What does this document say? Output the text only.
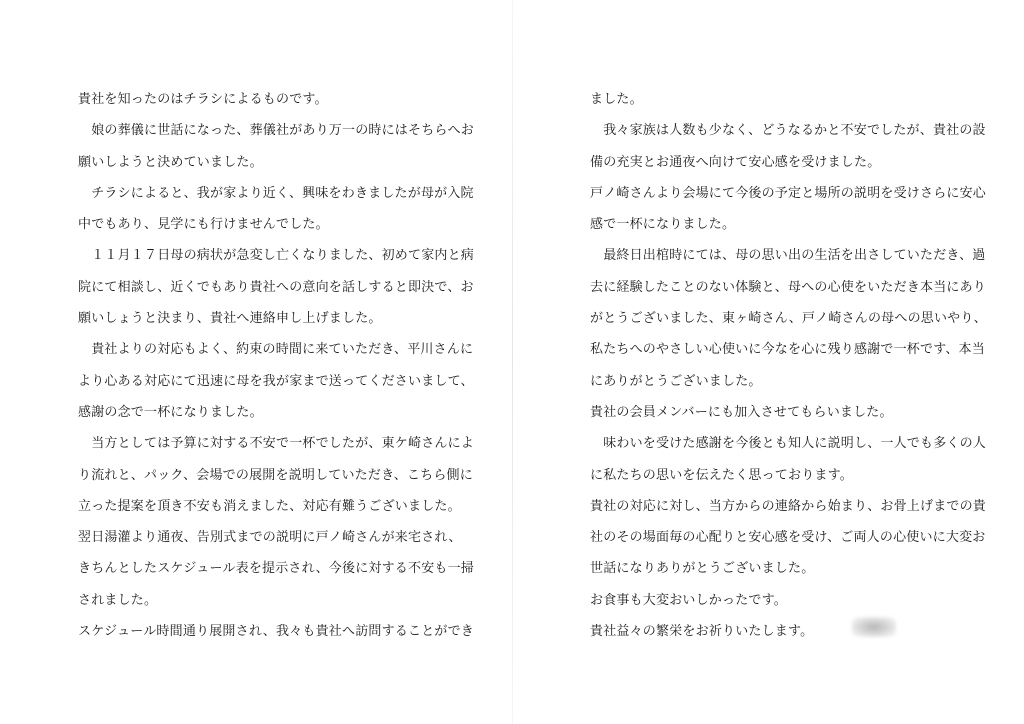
貴社を知ったのはチラシによるものです。
　娘の葬儀に世話になった、葬儀社があり万一の時にはそちらへお
願いしようと決めていました。
　チラシによると、我が家より近く、興味をわきましたが母が入院
中でもあり、見学にも行けませんでした。
　１１月１７日母の病状が急変し亡くなりました、初めて家内と病
院にて相談し、近くでもあり貴社への意向を話しすると即決で、お
願いしょうと決まり、貴社へ連絡申し上げました。
　貴社よりの対応もよく、約束の時間に来ていただき、平川さんに
より心ある対応にて迅速に母を我が家まで送ってくださいまして、
感謝の念で一杯になりました。
　当方としては予算に対する不安で一杯でしたが、東ケ崎さんによ
り流れと、パック、会場での展開を説明していただき、こちら側に
立った提案を頂き不安も消えました、対応有難うございました。
翌日湯灌より通夜、告別式までの説明に戸ノ崎さんが来宅され、
きちんとしたスケジュール表を提示され、今後に対する不安も一掃
されました。
スケジュール時間通り展開され、我々も貴社へ訪問することができ
ました。
　我々家族は人数も少なく、どうなるかと不安でしたが、貴社の設
備の充実とお通夜へ向けて安心感を受けました。
戸ノ崎さんより会場にて今後の予定と場所の説明を受けさらに安心
感で一杯になりました。
　最終日出棺時にては、母の思い出の生活を出さしていただき、過
去に経験したことのない体験と、母への心使をいただき本当にあり
がとうございました、東ヶ崎さん、戸ノ崎さんの母への思いやり、
私たちへのやさしい心使いに今なを心に残り感謝で一杯です、本当
にありがとうございました。
貴社の会員メンバーにも加入させてもらいました。
　味わいを受けた感謝を今後とも知人に説明し、一人でも多くの人
に私たちの思いを伝えたく思っております。
貴社の対応に対し、当方からの連絡から始まり、お骨上げまでの貴
社のその場面毎の心配りと安心感を受け、ご両人の心使いに大変お
世話になりありがとうございました。
お食事も大変おいしかったです。
貴社益々の繁栄をお祈りいたします。
